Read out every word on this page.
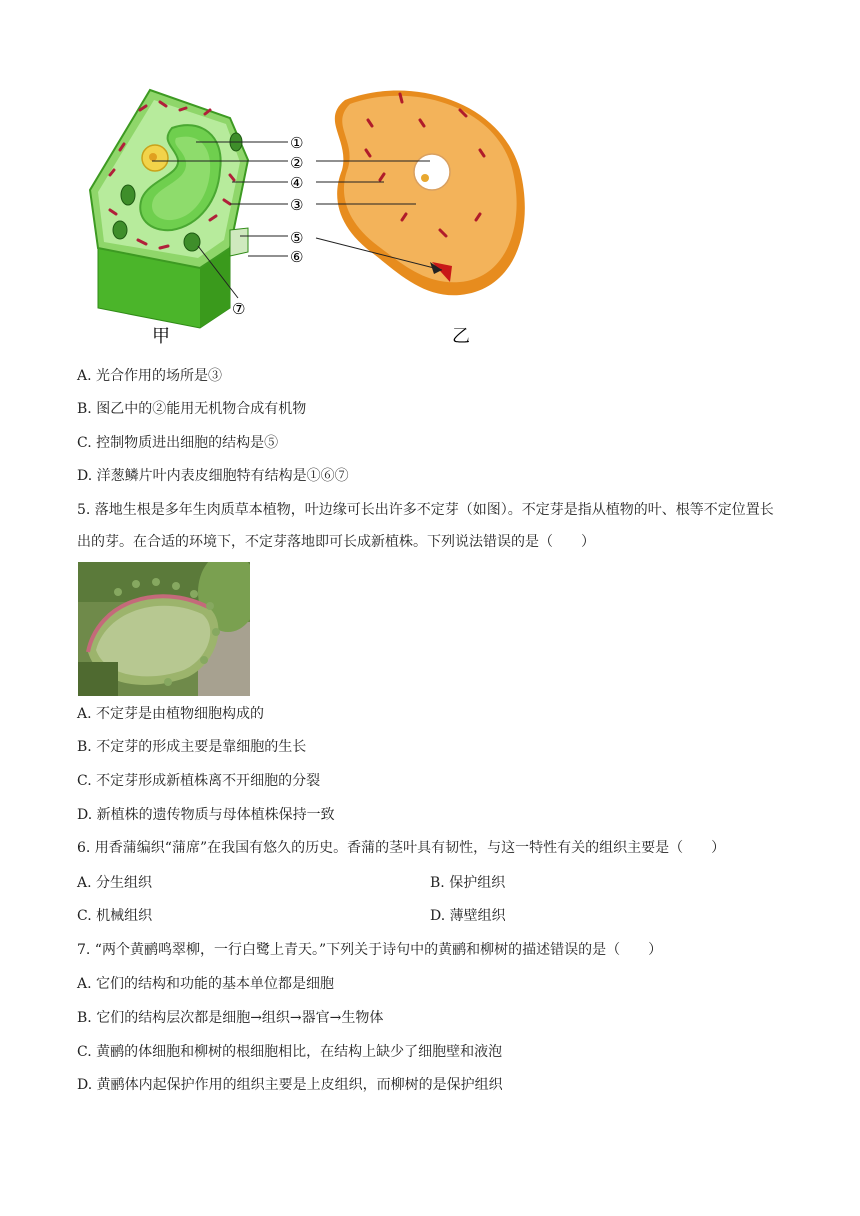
①
②
④
③
⑤
⑥
⑦
甲	乙
A. 光合作用的场所是③
B. 图乙中的②能用无机物合成有机物
C. 控制物质进出细胞的结构是⑤
D. 洋葱鳞片叶内表皮细胞特有结构是①⑥⑦
5. 落地生根是多年生肉质草本植物，叶边缘可长出许多不定芽（如图）。不定芽是指从植物的叶、根等不定位置长出的芽。在合适的环境下，不定芽落地即可长成新植株。下列说法错误的是（　　）
A. 不定芽是由植物细胞构成的
B. 不定芽的形成主要是靠细胞的生长
C. 不定芽形成新植株离不开细胞的分裂
D. 新植株的遗传物质与母体植株保持一致
6. 用香蒲编织“蒲席”在我国有悠久的历史。香蒲的茎叶具有韧性，与这一特性有关的组织主要是（　　）
A. 分生组织	B. 保护组织
C. 机械组织	D. 薄壁组织
7. “两个黄鹂鸣翠柳，一行白鹭上青天。”下列关于诗句中的黄鹂和柳树的描述错误的是（　　）
A. 它们的结构和功能的基本单位都是细胞
B. 它们的结构层次都是细胞→组织→器官→生物体
C. 黄鹂的体细胞和柳树的根细胞相比，在结构上缺少了细胞壁和液泡
D. 黄鹂体内起保护作用的组织主要是上皮组织，而柳树的是保护组织
